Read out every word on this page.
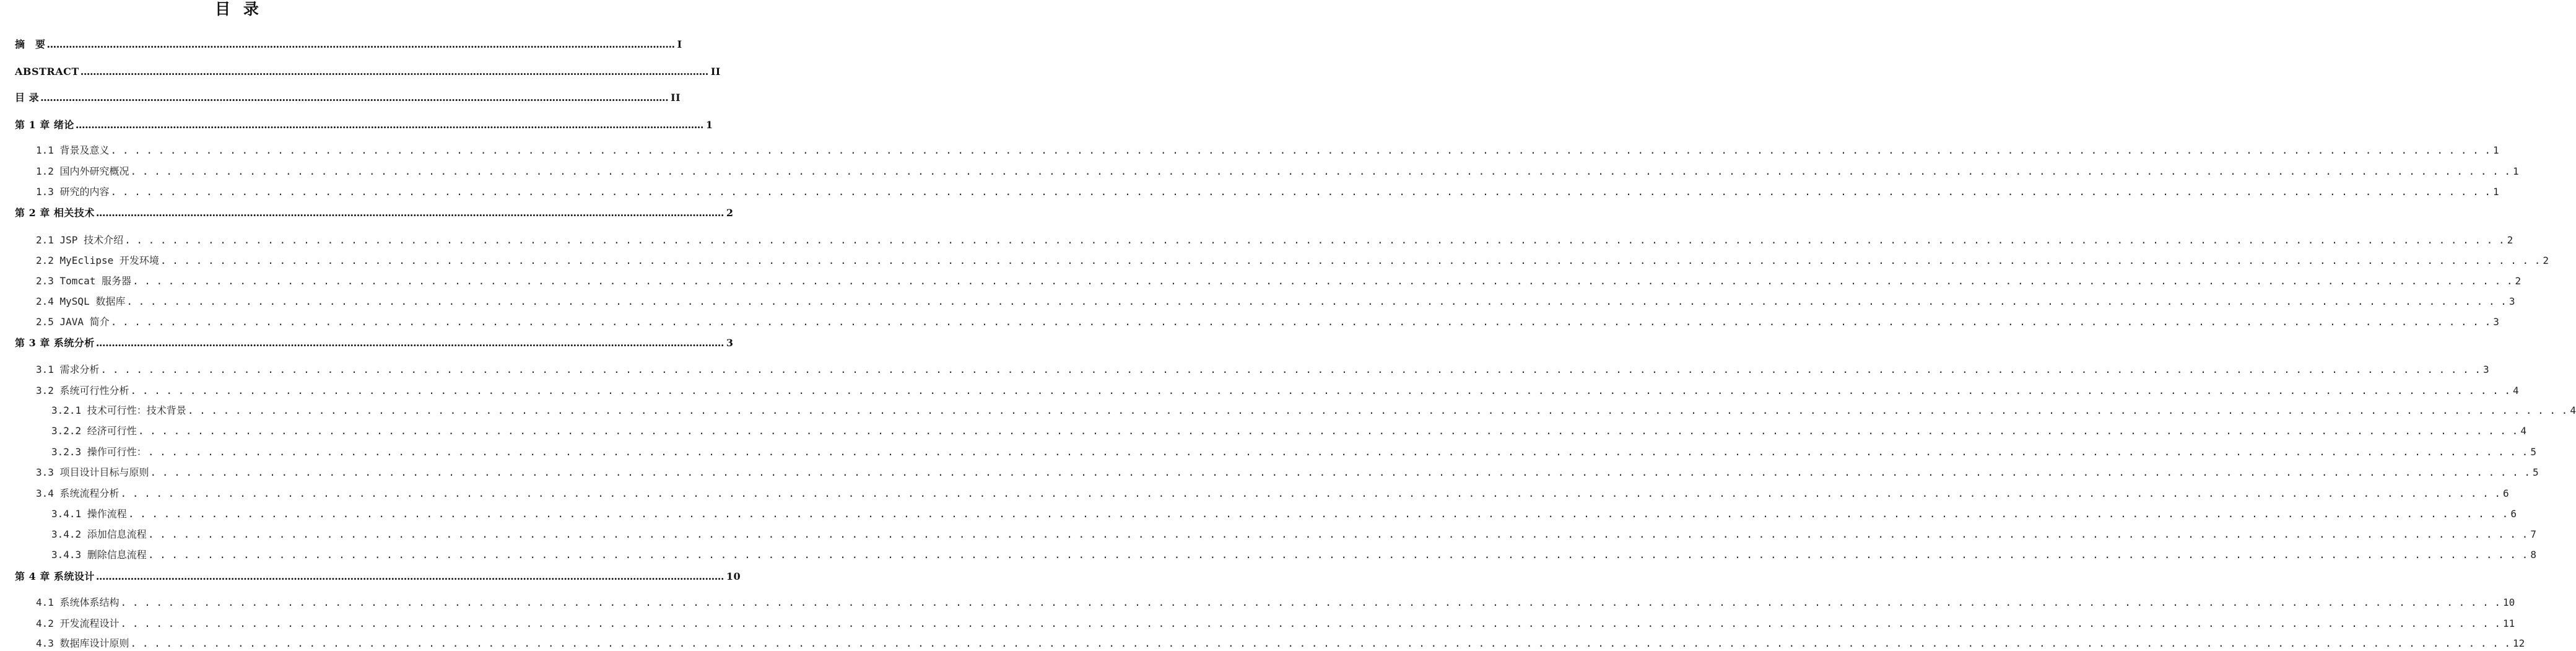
目 录
摘　要 ........................................................................................................................................................................................................ I
ABSTRACT ........................................................................................................................................................................................................ II
目 录 ........................................................................................................................................................................................................ II
第 1 章 绪论 ........................................................................................................................................................................................................ 1
1.1 背景及意义 . . . . . . . . . . . . . . . . . . . . . . . . . . . . . . . . . . . . . . . . . . . . . . . . . . . . . . . . . . . . . . . . . . . . . . . . . . . . . . . . . . . . . . . . . . . . . . . . . . . . . . . . . . . . . . . . . . . . . . . . . . . . . . . . . . . . . . . . . . . . . . . . . . . . . . . . . . . . . . . . . . . . . . . . . . . . . . . . . . . . . . . . . . . . . . . . . . . . . . . . 1
1.2 国内外研究概况 . . . . . . . . . . . . . . . . . . . . . . . . . . . . . . . . . . . . . . . . . . . . . . . . . . . . . . . . . . . . . . . . . . . . . . . . . . . . . . . . . . . . . . . . . . . . . . . . . . . . . . . . . . . . . . . . . . . . . . . . . . . . . . . . . . . . . . . . . . . . . . . . . . . . . . . . . . . . . . . . . . . . . . . . . . . . . . . . . . . . . . . . . . . . . . . . . . . . . . . . 1
1.3 研究的内容 . . . . . . . . . . . . . . . . . . . . . . . . . . . . . . . . . . . . . . . . . . . . . . . . . . . . . . . . . . . . . . . . . . . . . . . . . . . . . . . . . . . . . . . . . . . . . . . . . . . . . . . . . . . . . . . . . . . . . . . . . . . . . . . . . . . . . . . . . . . . . . . . . . . . . . . . . . . . . . . . . . . . . . . . . . . . . . . . . . . . . . . . . . . . . . . . . . . . . . . . 1
第 2 章 相关技术 ........................................................................................................................................................................................................ 2
2.1 JSP 技术介绍 . . . . . . . . . . . . . . . . . . . . . . . . . . . . . . . . . . . . . . . . . . . . . . . . . . . . . . . . . . . . . . . . . . . . . . . . . . . . . . . . . . . . . . . . . . . . . . . . . . . . . . . . . . . . . . . . . . . . . . . . . . . . . . . . . . . . . . . . . . . . . . . . . . . . . . . . . . . . . . . . . . . . . . . . . . . . . . . . . . . . . . . . . . . . . . . . . . . . . . . . 2
2.2 MyEclipse 开发环境 . . . . . . . . . . . . . . . . . . . . . . . . . . . . . . . . . . . . . . . . . . . . . . . . . . . . . . . . . . . . . . . . . . . . . . . . . . . . . . . . . . . . . . . . . . . . . . . . . . . . . . . . . . . . . . . . . . . . . . . . . . . . . . . . . . . . . . . . . . . . . . . . . . . . . . . . . . . . . . . . . . . . . . . . . . . . . . . . . . . . . . . . . . . . . . . . . . . . . . . . 2
2.3 Tomcat 服务器 . . . . . . . . . . . . . . . . . . . . . . . . . . . . . . . . . . . . . . . . . . . . . . . . . . . . . . . . . . . . . . . . . . . . . . . . . . . . . . . . . . . . . . . . . . . . . . . . . . . . . . . . . . . . . . . . . . . . . . . . . . . . . . . . . . . . . . . . . . . . . . . . . . . . . . . . . . . . . . . . . . . . . . . . . . . . . . . . . . . . . . . . . . . . . . . . . . . . . . . . 2
2.4 MySQL 数据库 . . . . . . . . . . . . . . . . . . . . . . . . . . . . . . . . . . . . . . . . . . . . . . . . . . . . . . . . . . . . . . . . . . . . . . . . . . . . . . . . . . . . . . . . . . . . . . . . . . . . . . . . . . . . . . . . . . . . . . . . . . . . . . . . . . . . . . . . . . . . . . . . . . . . . . . . . . . . . . . . . . . . . . . . . . . . . . . . . . . . . . . . . . . . . . . . . . . . . . . . 3
2.5 JAVA 简介 . . . . . . . . . . . . . . . . . . . . . . . . . . . . . . . . . . . . . . . . . . . . . . . . . . . . . . . . . . . . . . . . . . . . . . . . . . . . . . . . . . . . . . . . . . . . . . . . . . . . . . . . . . . . . . . . . . . . . . . . . . . . . . . . . . . . . . . . . . . . . . . . . . . . . . . . . . . . . . . . . . . . . . . . . . . . . . . . . . . . . . . . . . . . . . . . . . . . . . . . 3
第 3 章 系统分析 ........................................................................................................................................................................................................ 3
3.1 需求分析 . . . . . . . . . . . . . . . . . . . . . . . . . . . . . . . . . . . . . . . . . . . . . . . . . . . . . . . . . . . . . . . . . . . . . . . . . . . . . . . . . . . . . . . . . . . . . . . . . . . . . . . . . . . . . . . . . . . . . . . . . . . . . . . . . . . . . . . . . . . . . . . . . . . . . . . . . . . . . . . . . . . . . . . . . . . . . . . . . . . . . . . . . . . . . . . . . . . . . . . . 3
3.2 系统可行性分析 . . . . . . . . . . . . . . . . . . . . . . . . . . . . . . . . . . . . . . . . . . . . . . . . . . . . . . . . . . . . . . . . . . . . . . . . . . . . . . . . . . . . . . . . . . . . . . . . . . . . . . . . . . . . . . . . . . . . . . . . . . . . . . . . . . . . . . . . . . . . . . . . . . . . . . . . . . . . . . . . . . . . . . . . . . . . . . . . . . . . . . . . . . . . . . . . . . . . . . . . 4
3.2.1 技术可行性：技术背景 . . . . . . . . . . . . . . . . . . . . . . . . . . . . . . . . . . . . . . . . . . . . . . . . . . . . . . . . . . . . . . . . . . . . . . . . . . . . . . . . . . . . . . . . . . . . . . . . . . . . . . . . . . . . . . . . . . . . . . . . . . . . . . . . . . . . . . . . . . . . . . . . . . . . . . . . . . . . . . . . . . . . . . . . . . . . . . . . . . . . . . . . . . . . . . . . . . . . . . . . 4
3.2.2 经济可行性 . . . . . . . . . . . . . . . . . . . . . . . . . . . . . . . . . . . . . . . . . . . . . . . . . . . . . . . . . . . . . . . . . . . . . . . . . . . . . . . . . . . . . . . . . . . . . . . . . . . . . . . . . . . . . . . . . . . . . . . . . . . . . . . . . . . . . . . . . . . . . . . . . . . . . . . . . . . . . . . . . . . . . . . . . . . . . . . . . . . . . . . . . . . . . . . . . . . . . . . . 4
3.2.3 操作可行性： . . . . . . . . . . . . . . . . . . . . . . . . . . . . . . . . . . . . . . . . . . . . . . . . . . . . . . . . . . . . . . . . . . . . . . . . . . . . . . . . . . . . . . . . . . . . . . . . . . . . . . . . . . . . . . . . . . . . . . . . . . . . . . . . . . . . . . . . . . . . . . . . . . . . . . . . . . . . . . . . . . . . . . . . . . . . . . . . . . . . . . . . . . . . . . . . . . . . . . . . 5
3.3 项目设计目标与原则 . . . . . . . . . . . . . . . . . . . . . . . . . . . . . . . . . . . . . . . . . . . . . . . . . . . . . . . . . . . . . . . . . . . . . . . . . . . . . . . . . . . . . . . . . . . . . . . . . . . . . . . . . . . . . . . . . . . . . . . . . . . . . . . . . . . . . . . . . . . . . . . . . . . . . . . . . . . . . . . . . . . . . . . . . . . . . . . . . . . . . . . . . . . . . . . . . . . . . . . . 5
3.4 系统流程分析 . . . . . . . . . . . . . . . . . . . . . . . . . . . . . . . . . . . . . . . . . . . . . . . . . . . . . . . . . . . . . . . . . . . . . . . . . . . . . . . . . . . . . . . . . . . . . . . . . . . . . . . . . . . . . . . . . . . . . . . . . . . . . . . . . . . . . . . . . . . . . . . . . . . . . . . . . . . . . . . . . . . . . . . . . . . . . . . . . . . . . . . . . . . . . . . . . . . . . . . . 6
3.4.1 操作流程 . . . . . . . . . . . . . . . . . . . . . . . . . . . . . . . . . . . . . . . . . . . . . . . . . . . . . . . . . . . . . . . . . . . . . . . . . . . . . . . . . . . . . . . . . . . . . . . . . . . . . . . . . . . . . . . . . . . . . . . . . . . . . . . . . . . . . . . . . . . . . . . . . . . . . . . . . . . . . . . . . . . . . . . . . . . . . . . . . . . . . . . . . . . . . . . . . . . . . . . . 6
3.4.2 添加信息流程 . . . . . . . . . . . . . . . . . . . . . . . . . . . . . . . . . . . . . . . . . . . . . . . . . . . . . . . . . . . . . . . . . . . . . . . . . . . . . . . . . . . . . . . . . . . . . . . . . . . . . . . . . . . . . . . . . . . . . . . . . . . . . . . . . . . . . . . . . . . . . . . . . . . . . . . . . . . . . . . . . . . . . . . . . . . . . . . . . . . . . . . . . . . . . . . . . . . . . . . . 7
3.4.3 删除信息流程 . . . . . . . . . . . . . . . . . . . . . . . . . . . . . . . . . . . . . . . . . . . . . . . . . . . . . . . . . . . . . . . . . . . . . . . . . . . . . . . . . . . . . . . . . . . . . . . . . . . . . . . . . . . . . . . . . . . . . . . . . . . . . . . . . . . . . . . . . . . . . . . . . . . . . . . . . . . . . . . . . . . . . . . . . . . . . . . . . . . . . . . . . . . . . . . . . . . . . . . . 8
第 4 章 系统设计 ........................................................................................................................................................................................................ 10
4.1 系统体系结构 . . . . . . . . . . . . . . . . . . . . . . . . . . . . . . . . . . . . . . . . . . . . . . . . . . . . . . . . . . . . . . . . . . . . . . . . . . . . . . . . . . . . . . . . . . . . . . . . . . . . . . . . . . . . . . . . . . . . . . . . . . . . . . . . . . . . . . . . . . . . . . . . . . . . . . . . . . . . . . . . . . . . . . . . . . . . . . . . . . . . . . . . . . . . . . . . . . . . . . . . 10
4.2 开发流程设计 . . . . . . . . . . . . . . . . . . . . . . . . . . . . . . . . . . . . . . . . . . . . . . . . . . . . . . . . . . . . . . . . . . . . . . . . . . . . . . . . . . . . . . . . . . . . . . . . . . . . . . . . . . . . . . . . . . . . . . . . . . . . . . . . . . . . . . . . . . . . . . . . . . . . . . . . . . . . . . . . . . . . . . . . . . . . . . . . . . . . . . . . . . . . . . . . . . . . . . . . 11
4.3 数据库设计原则 . . . . . . . . . . . . . . . . . . . . . . . . . . . . . . . . . . . . . . . . . . . . . . . . . . . . . . . . . . . . . . . . . . . . . . . . . . . . . . . . . . . . . . . . . . . . . . . . . . . . . . . . . . . . . . . . . . . . . . . . . . . . . . . . . . . . . . . . . . . . . . . . . . . . . . . . . . . . . . . . . . . . . . . . . . . . . . . . . . . . . . . . . . . . . . . . . . . . . . . . 12
